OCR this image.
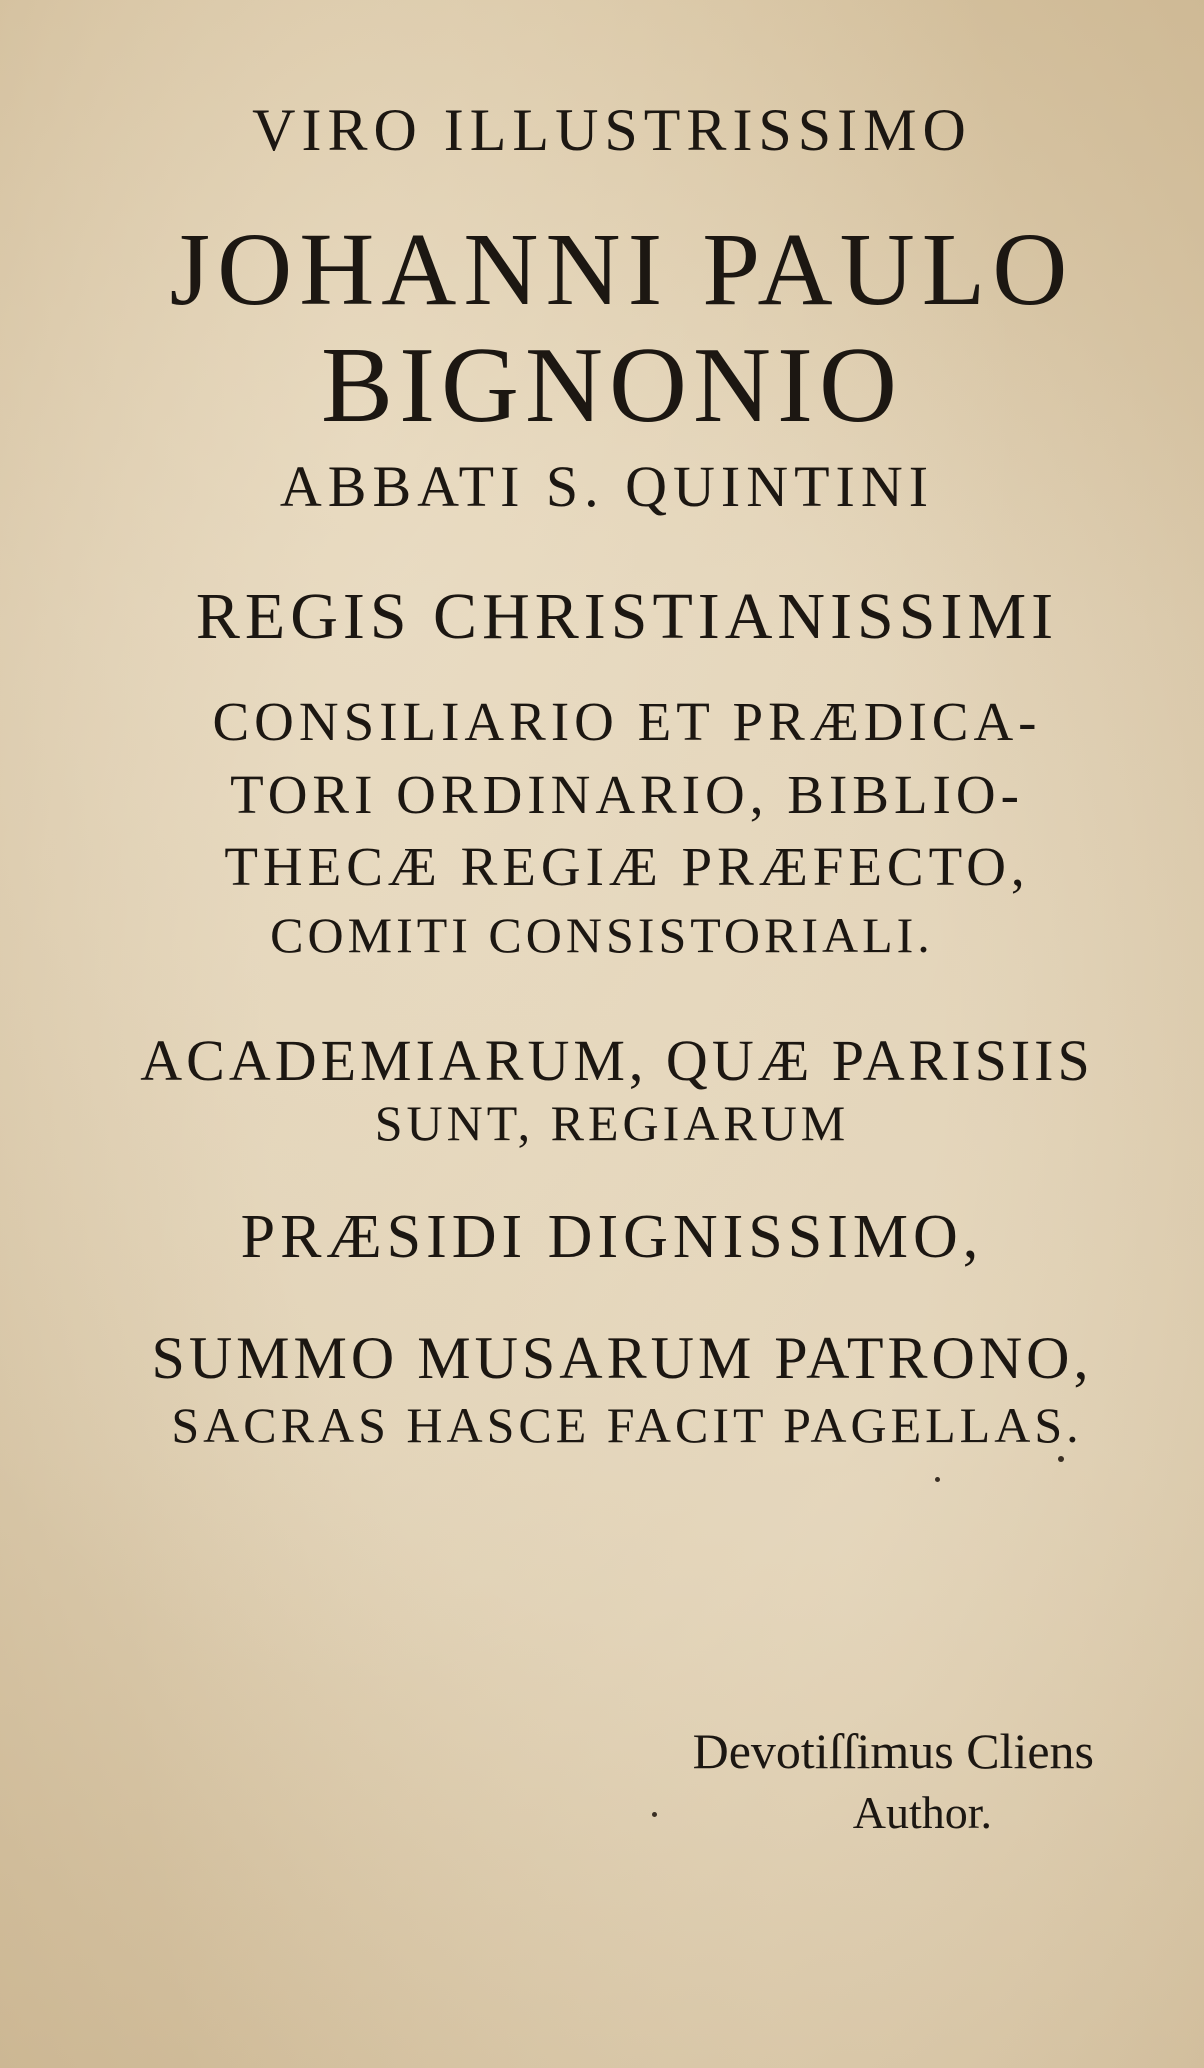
VIRO ILLUSTRISSIMO
JOHANNI PAULO
BIGNONIO
ABBATI S. QUINTINI
REGIS CHRISTIANISSIMI
CONSILIARIO ET PRÆDICA-
TORI ORDINARIO, BIBLIO-
THECÆ REGIÆ PRÆFECTO,
COMITI CONSISTORIALI.
ACADEMIARUM, QUÆ PARISIIS
SUNT, REGIARUM
PRÆSIDI DIGNISSIMO,
SUMMO MUSARUM PATRONO,
SACRAS HASCE FACIT PAGELLAS.
Devotiſſimus Cliens
Author.
